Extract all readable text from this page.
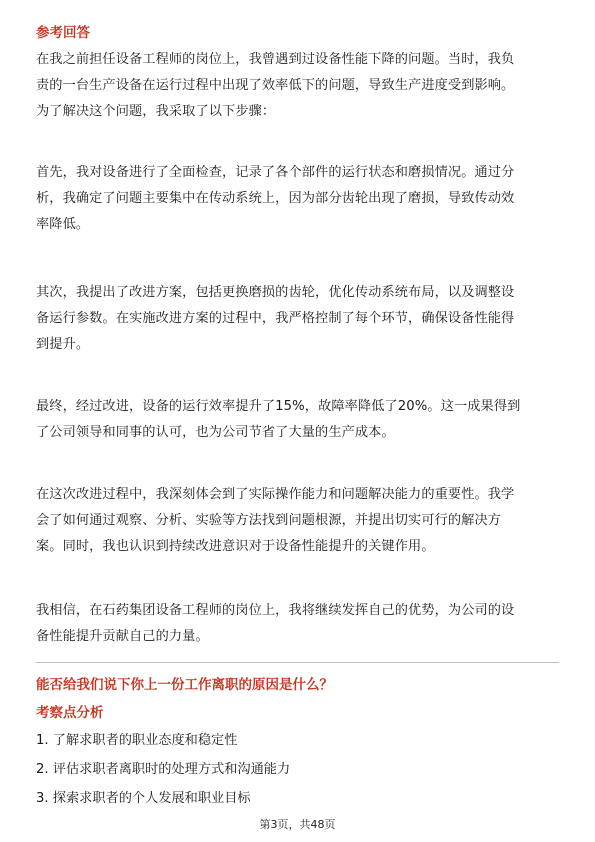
参考回答
在我之前担任设备工程师的岗位上，我曾遇到过设备性能下降的问题。当时，我负
责的一台生产设备在运行过程中出现了效率低下的问题，导致生产进度受到影响。
为了解决这个问题，我采取了以下步骤：
首先，我对设备进行了全面检查，记录了各个部件的运行状态和磨损情况。通过分
析，我确定了问题主要集中在传动系统上，因为部分齿轮出现了磨损，导致传动效
率降低。
其次，我提出了改进方案，包括更换磨损的齿轮，优化传动系统布局，以及调整设
备运行参数。在实施改进方案的过程中，我严格控制了每个环节，确保设备性能得
到提升。
最终，经过改进，设备的运行效率提升了15%，故障率降低了20%。这一成果得到
了公司领导和同事的认可，也为公司节省了大量的生产成本。
在这次改进过程中，我深刻体会到了实际操作能力和问题解决能力的重要性。我学
会了如何通过观察、分析、实验等方法找到问题根源，并提出切实可行的解决方
案。同时，我也认识到持续改进意识对于设备性能提升的关键作用。
我相信，在石药集团设备工程师的岗位上，我将继续发挥自己的优势，为公司的设
备性能提升贡献自己的力量。
能否给我们说下你上一份工作离职的原因是什么？
考察点分析
1. 了解求职者的职业态度和稳定性
2. 评估求职者离职时的处理方式和沟通能力
3. 探索求职者的个人发展和职业目标
第3页，共48页
